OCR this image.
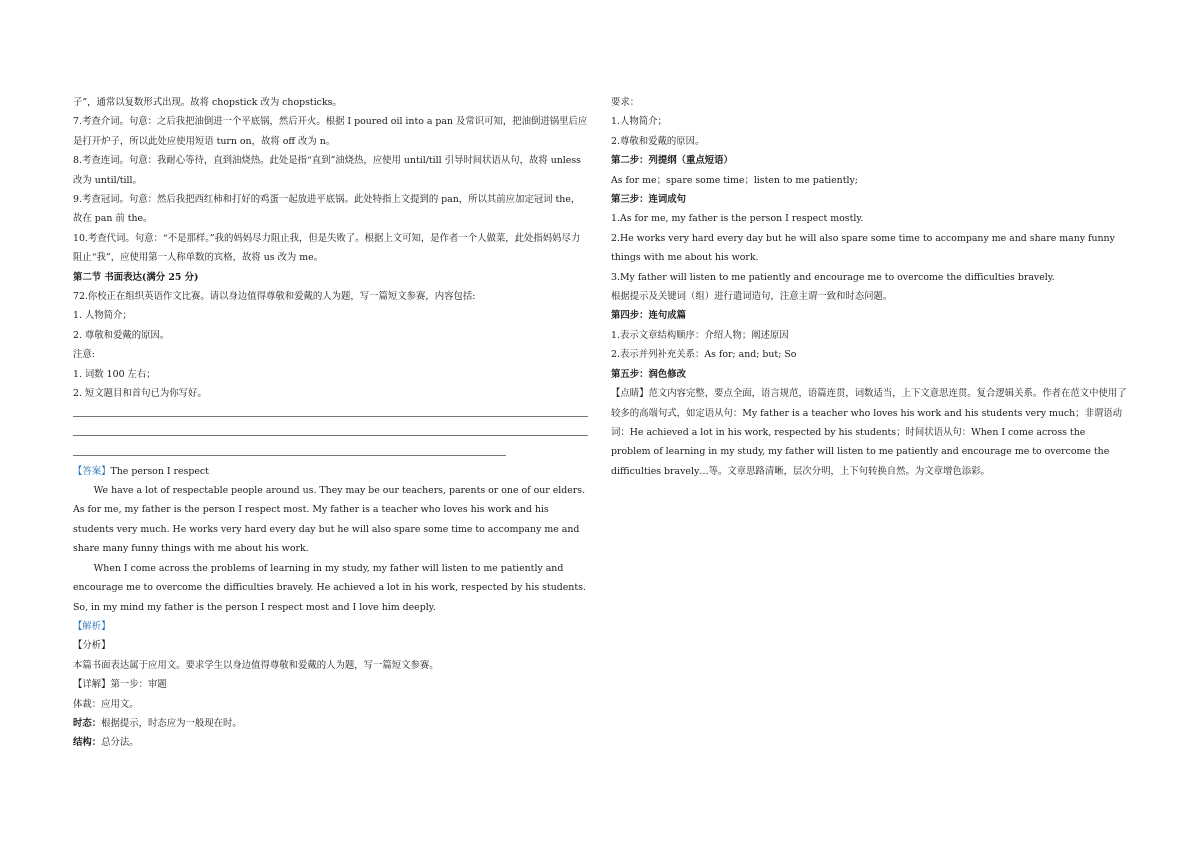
子”，通常以复数形式出现。故将 chopstick 改为 chopsticks。

7.考查介词。句意：之后我把油倒进一个平底锅，然后开火。根据 I poured oil into a pan 及常识可知，把油倒进锅里后应是打开炉子，所以此处应使用短语 turn on，故将 off 改为 n。

8.考查连词。句意：我耐心等待，直到油烧热。此处是指“直到”油烧热，应使用 until/till 引导时间状语从句，故将 unless 改为 until/till。

9.考查冠词。句意：然后我把西红柿和打好的鸡蛋一起放进平底锅。此处特指上文提到的 pan，所以其前应加定冠词 the，故在 pan 前 the。

10.考查代词。句意：“不是那样。”我的妈妈尽力阻止我，但是失败了。根据上文可知，是作者一个人做菜，此处指妈妈尽力阻止“我”，应使用第一人称单数的宾格，故将 us 改为 me。

第二节 书面表达(满分 25 分)

72.你校正在组织英语作文比赛。请以身边值得尊敬和爱戴的人为题，写一篇短文参赛，内容包括:

1. 人物简介；

2. 尊敬和爱戴的原因。

注意:

1. 词数 100 左右；

2. 短文题目和首句已为你写好。

【答案】The person I respect

We have a lot of respectable people around us. They may be our teachers, parents or one of our elders. As for me, my father is the person I respect most. My father is a teacher who loves his work and his students very much. He works very hard every day but he will also spare some time to accompany me and share many funny things with me about his work.

When I come across the problems of learning in my study, my father will listen to me patiently and encourage me to overcome the difficulties bravely. He achieved a lot in his work, respected by his students. So, in my mind my father is the person I respect most and I love him deeply.

【解析】

【分析】

本篇书面表达属于应用文。要求学生以身边值得尊敬和爱戴的人为题，写一篇短文参赛。

【详解】第一步：审题

体裁：应用文。

时态：根据提示，时态应为一般现在时。

结构：总分法。

要求：

1.人物简介；

2.尊敬和爱戴的原因。

第二步：列提纲（重点短语）

As for me；spare some time；listen to me patiently;

第三步：连词成句

1.As for me, my father is the person I respect mostly.

2.He works very hard every day but he will also spare some time to accompany me and share many funny things with me about his work.

3.My father will listen to me patiently and encourage me to overcome the difficulties bravely.

根据提示及关键词（组）进行遣词造句，注意主谓一致和时态问题。

第四步：连句成篇

1.表示文章结构顺序：介绍人物；阐述原因

2.表示并列补充关系：As for; and; but; So

第五步：润色修改

【点睛】范文内容完整，要点全面，语言规范，语篇连贯，词数适当，上下文意思连贯。复合逻辑关系。作者在范文中使用了较多的高端句式，如定语从句：My father is a teacher who loves his work and his students very much；非谓语动词：He achieved a lot in his work, respected by his students；时间状语从句：When I come across the problem of learning in my study, my father will listen to me patiently and encourage me to overcome the difficulties bravely…等。文章思路清晰，层次分明，上下句转换自然。为文章增色添彩。
